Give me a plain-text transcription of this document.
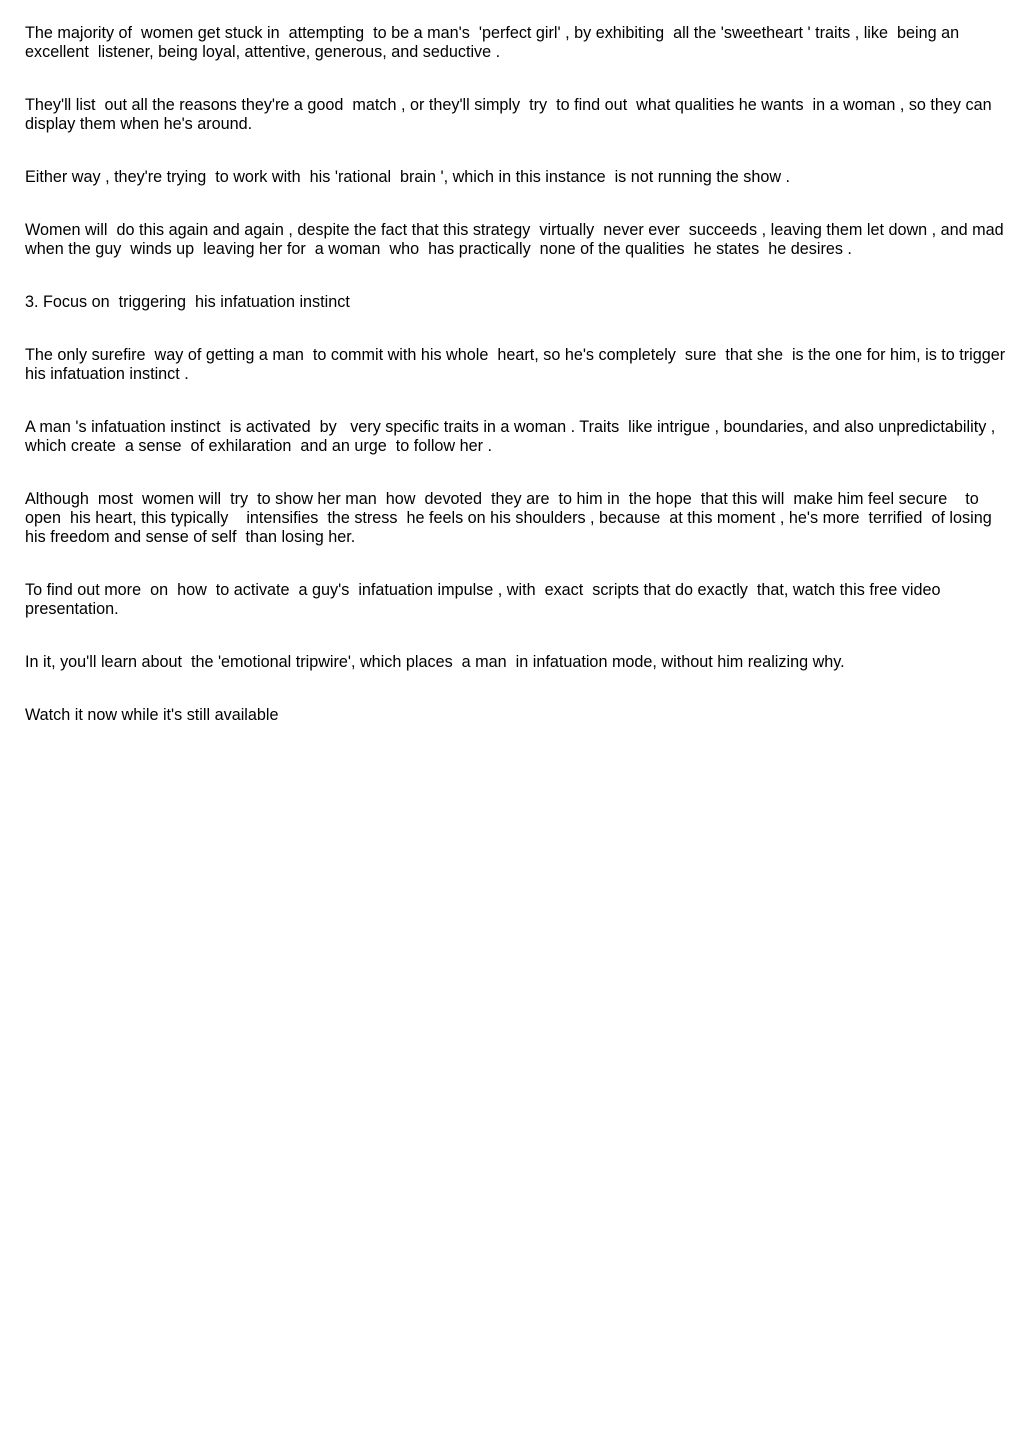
The majority of  women get stuck in  attempting  to be a man's  'perfect girl' , by exhibiting  all the 'sweetheart ' traits , like  being an excellent  listener, being loyal, attentive, generous, and seductive .

They'll list  out all the reasons they're a good  match , or they'll simply  try  to find out  what qualities he wants  in a woman , so they can display them when he's around.

Either way , they're trying  to work with  his 'rational  brain ', which in this instance  is not running the show .

Women will  do this again and again , despite the fact that this strategy  virtually  never ever  succeeds , leaving them let down , and mad  when the guy  winds up  leaving her for  a woman  who  has practically  none of the qualities  he states  he desires .

3. Focus on  triggering  his infatuation instinct

The only surefire  way of getting a man  to commit with his whole  heart, so he's completely  sure  that she  is the one for him, is to trigger  his infatuation instinct .

A man 's infatuation instinct  is activated  by   very specific traits in a woman . Traits  like intrigue , boundaries, and also unpredictability , which create  a sense  of exhilaration  and an urge  to follow her .

Although  most  women will  try  to show her man  how  devoted  they are  to him in  the hope  that this will  make him feel secure    to open  his heart, this typically    intensifies  the stress  he feels on his shoulders , because  at this moment , he's more  terrified  of losing his freedom and sense of self  than losing her.

To find out more  on  how  to activate  a guy's  infatuation impulse , with  exact  scripts that do exactly  that, watch this free video presentation.

In it, you'll learn about  the 'emotional tripwire', which places  a man  in infatuation mode, without him realizing why.

Watch it now while it's still available
